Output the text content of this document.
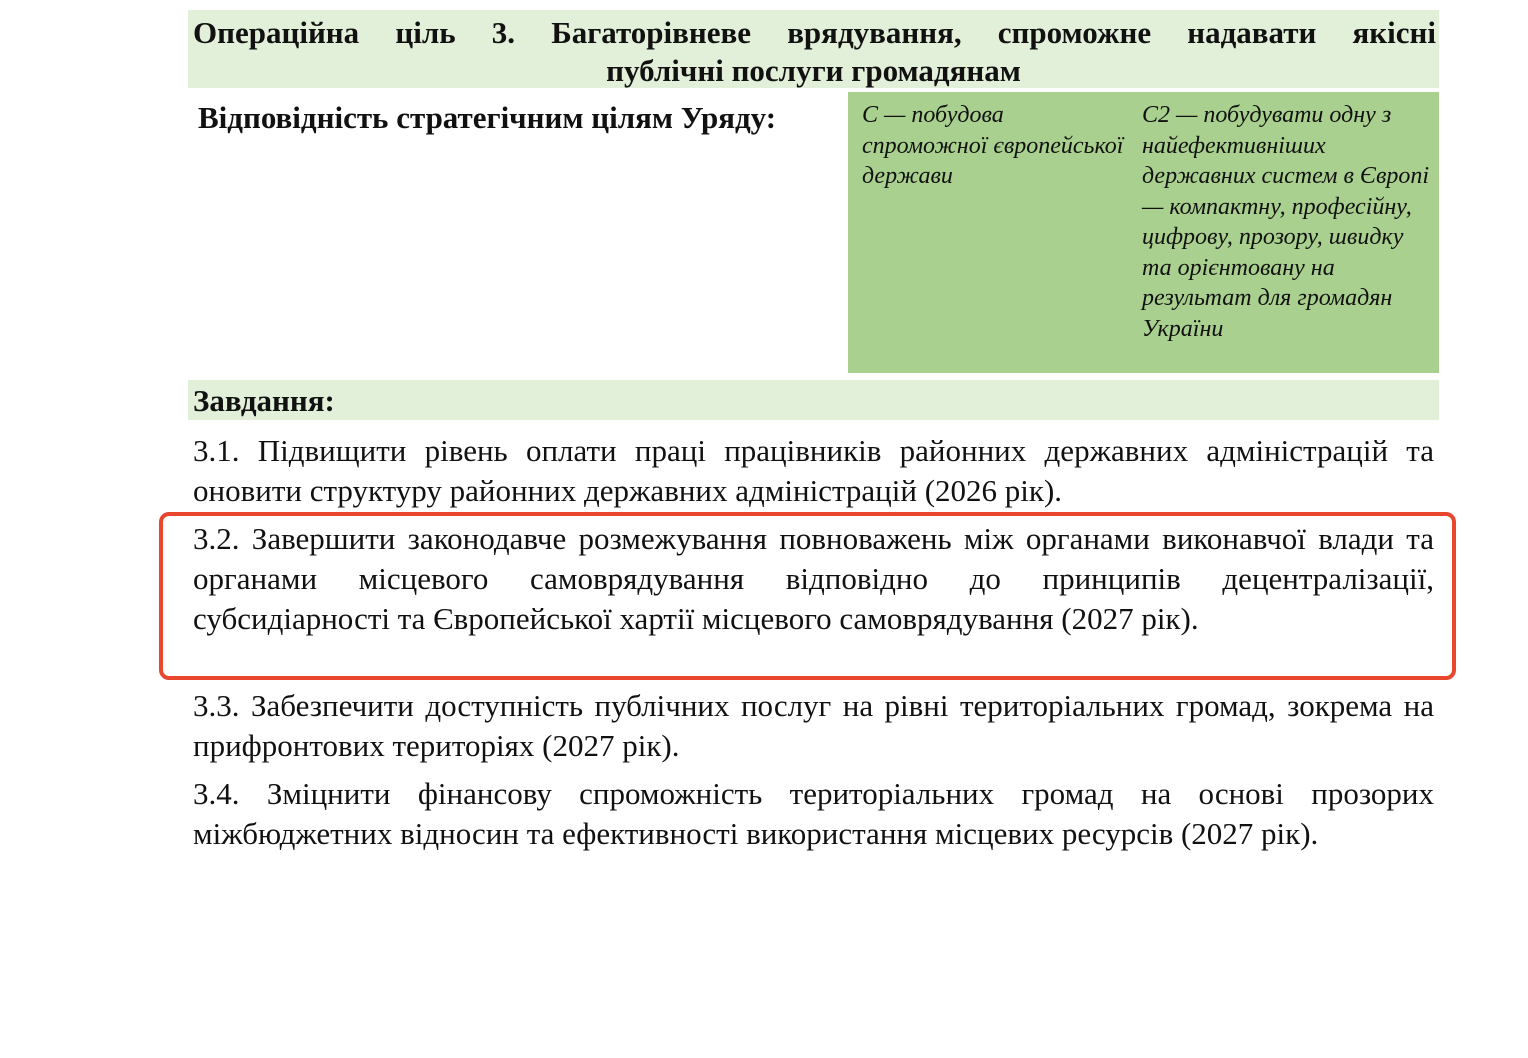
Операційна ціль 3. Багаторівневе врядування, спроможне надавати якісні
публічні послуги громадянам
Відповідність стратегічним цілям Уряду:	С — побудова спроможної європейської держави
С2 — побудувати одну з найефективніших державних систем в Європі — компактну, професійну, цифрову, прозору, швидку та орієнтовану на результат для громадян України
Завдання:
3.1. Підвищити рівень оплати праці працівників районних державних адміністрацій та оновити структуру районних державних адміністрацій (2026 рік).
3.2. Завершити законодавче розмежування повноважень між органами виконавчої влади та органами місцевого самоврядування відповідно до принципів децентралізації, субсидіарності та Європейської хартії місцевого самоврядування (2027 рік).
3.3. Забезпечити доступність публічних послуг на рівні територіальних громад, зокрема на прифронтових територіях (2027 рік).
3.4. Зміцнити фінансову спроможність територіальних громад на основі прозорих міжбюджетних відносин та ефективності використання місцевих ресурсів (2027 рік).
